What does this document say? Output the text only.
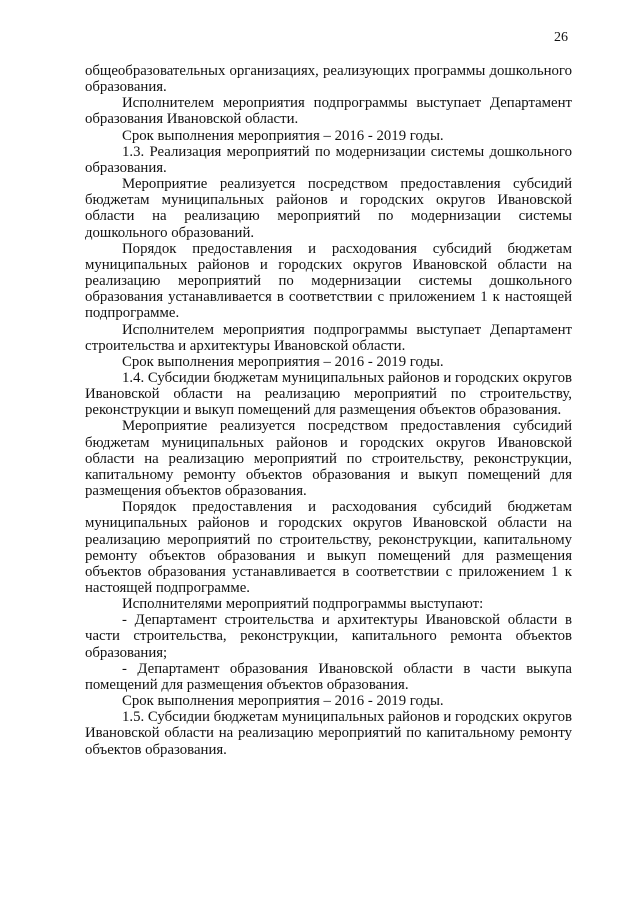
26

общеобразовательных организациях, реализующих программы дошкольного образования.

Исполнителем мероприятия подпрограммы выступает Департамент образования Ивановской области.

Срок выполнения мероприятия – 2016 - 2019 годы.

1.3. Реализация мероприятий по модернизации системы дошкольного образования.

Мероприятие реализуется посредством предоставления субсидий бюджетам муниципальных районов и городских округов Ивановской области на реализацию мероприятий по модернизации системы дошкольного образований.

Порядок предоставления и расходования субсидий бюджетам муниципальных районов и городских округов Ивановской области на реализацию мероприятий по модернизации системы дошкольного образования устанавливается в соответствии с приложением 1 к настоящей подпрограмме.

Исполнителем мероприятия подпрограммы выступает Департамент строительства и архитектуры Ивановской области.

Срок выполнения мероприятия – 2016 - 2019 годы.

1.4. Субсидии бюджетам муниципальных районов и городских округов Ивановской области на реализацию мероприятий по строительству, реконструкции и выкуп помещений для размещения объектов образования.

Мероприятие реализуется посредством предоставления субсидий бюджетам муниципальных районов и городских округов Ивановской области на реализацию мероприятий по строительству, реконструкции, капитальному ремонту объектов образования и выкуп помещений для размещения объектов образования.

Порядок предоставления и расходования субсидий бюджетам муниципальных районов и городских округов Ивановской области на реализацию мероприятий по строительству, реконструкции, капитальному ремонту объектов образования и выкуп помещений для размещения объектов образования устанавливается в соответствии с приложением 1 к настоящей подпрограмме.

Исполнителями мероприятий подпрограммы выступают:

- Департамент строительства и архитектуры Ивановской области в части строительства, реконструкции, капитального ремонта объектов образования;

- Департамент образования Ивановской области в части выкупа помещений для размещения объектов образования.

Срок выполнения мероприятия – 2016 - 2019 годы.

1.5. Субсидии бюджетам муниципальных районов и городских округов Ивановской области на реализацию мероприятий по капитальному ремонту объектов образования.
